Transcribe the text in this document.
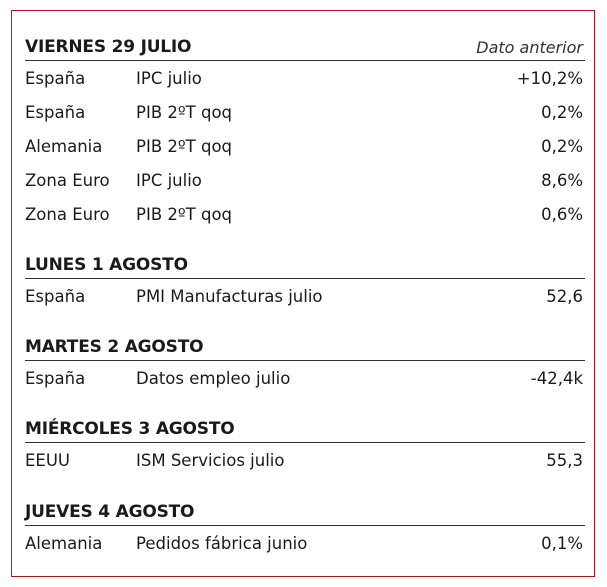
VIERNES 29 JULIO	Dato anterior
España	IPC julio	+10,2%
España	PIB 2ºT qoq	0,2%
Alemania	PIB 2ºT qoq	0,2%
Zona Euro	IPC julio	8,6%
Zona Euro	PIB 2ºT qoq	0,6%
LUNES 1 AGOSTO
España	PMI Manufacturas julio	52,6
MARTES 2 AGOSTO
España	Datos empleo julio	-42,4k
MIÉRCOLES 3 AGOSTO
EEUU	ISM Servicios julio	55,3
JUEVES 4 AGOSTO
Alemania	Pedidos fábrica junio	0,1%
